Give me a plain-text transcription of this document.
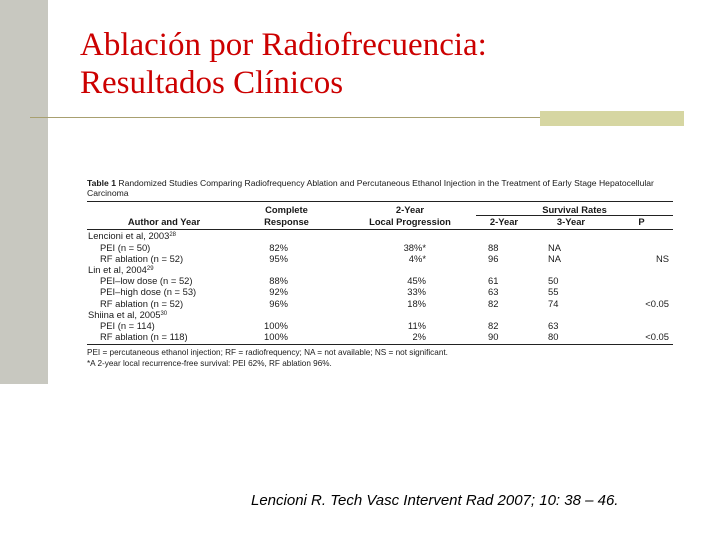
Ablación por Radiofrecuencia:
Resultados Clínicos
Table 1 Randomized Studies Comparing Radiofrequency Ablation and Percutaneous Ethanol Injection in the Treatment of Early Stage Hepatocellular Carcinoma
	Complete	2-Year	Survival Rates		
Author and Year	Response	Local Progression	2-Year	3-Year	P
Lencioni et al, 2003$^{28}$
PEI (n = 50)	82%	38%*	88	NA	
RF ablation (n = 52)	95%	4%*	96	NA	NS
Lin et al, 2004$^{29}$
PEI–low dose (n = 52)	88%	45%	61	50	
PEI–high dose (n = 53)	92%	33%	63	55	
RF ablation (n = 52)	96%	18%	82	74	<0.05
Shiina et al, 2005$^{30}$
PEI (n = 114)	100%	11%	82	63	
RF ablation (n = 118)	100%	2%	90	80	<0.05
PEI = percutaneous ethanol injection; RF = radiofrequency; NA = not available; NS = not significant.
*A 2-year local recurrence-free survival: PEI 62%, RF ablation 96%.
Lencioni R. Tech Vasc Intervent Rad 2007; 10: 38 – 46.
